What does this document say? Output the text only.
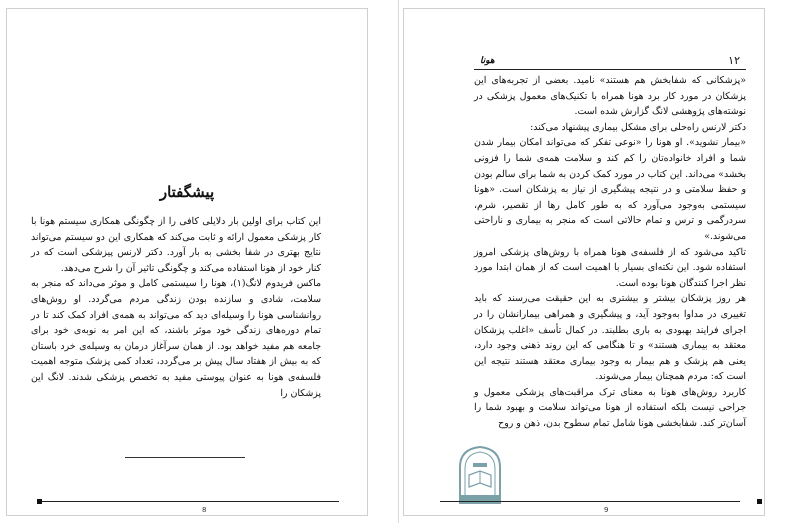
پیشگفتار

این کتاب برای اولین بار دلایلی کافی را از چگونگی همکاری سیستم هونا با کار پزشکی معمول ارائه و ثابت می‌کند که همکاری این دو سیستم می‌تواند نتایج بهتری در شفا بخشی به بار آورد. دکتر لارنس پیزشکی است که در کنار خود از هونا استفاده می‌کند و چگونگی تاثیر آن را شرح می‌دهد.

ماکس فریدوم لانگ(۱)، هونا را سیستمی کامل و موثر می‌داند که منجر به سلامت، شادی و سازنده بودن زندگی مردم می‌گردد. او روش‌های روانشناسی هونا را وسیله‌ای دید که می‌تواند به همه‌ی افراد کمک کند تا در تمام دوره‌های زندگی خود موثر باشند، که این امر به نوبه‌ی خود برای جامعه هم مفید خواهد بود. از همان سرآغاز درمان به وسیله‌ی خرد باستان که به بیش از هفتاد سال پیش بر می‌گردد، تعداد کمی پزشک متوجه اهمیت فلسفه‌ی هونا به عنوان پیوستی مفید به تخصص پزشکی شدند. لانگ این پزشکان را

8
۱۲
هونا

«پزشکانی که شفابخش هم هستند» نامید. بعضی از تجربه‌های این پزشکان در مورد کار برد هونا همراه با تکنیک‌های معمول پزشکی در نوشته‌های پژوهشی لانگ گزارش شده است.

دکتر لارنس راه‌حلی برای مشکل بیماری پیشنهاد می‌کند:

«بیمار نشوید». او هونا را «نوعی تفکر که می‌تواند امکان بیمار شدن شما و افراد خانواده‌تان را کم کند و سلامت همه‌ی شما را فزونی بخشد» می‌داند. این کتاب در مورد کمک کردن به شما برای سالم بودن و حفظ سلامتی و در نتیجه پیشگیری از نیاز به پزشکان است. «هونا سیستمی به‌وجود می‌آورد که به طور کامل رها از تقصیر، شرم، سردرگمی و ترس و تمام حالاتی است که منجر به بیماری و ناراحتی می‌شوند.»

تاکید می‌شود که از فلسفه‌ی هونا همراه با روش‌های پزشکی امروز استفاده شود. این نکته‌ای بسیار با اهمیت است که از همان ابتدا مورد نظر اجرا کنندگان هونا بوده است.

هر روز پزشکان بیشتر و بیشتری به این حقیقت می‌رسند که باید تغییری در مداوا به‌وجود آید، و پیشگیری و همراهی بیمارانشان را در اجرای فرایند بهبودی به باری بطلبند. در کمال تأسف «اغلب پزشکان معتقد به بیماری هستند» و تا هنگامی که این روند ذهنی وجود دارد، یعنی هم پزشک و هم بیمار به وجود بیماری معتقد هستند نتیجه این است که: مردم همچنان بیمار می‌شوند.

کاربرد روش‌های هونا به معنای ترک مراقبت‌های پزشکی معمول و جراحی نیست بلکه استفاده از هونا می‌تواند سلامت و بهبود شما را آسان‌تر کند. شفابخشی هونا شامل تمام سطوح بدن، ذهن و روح

9
